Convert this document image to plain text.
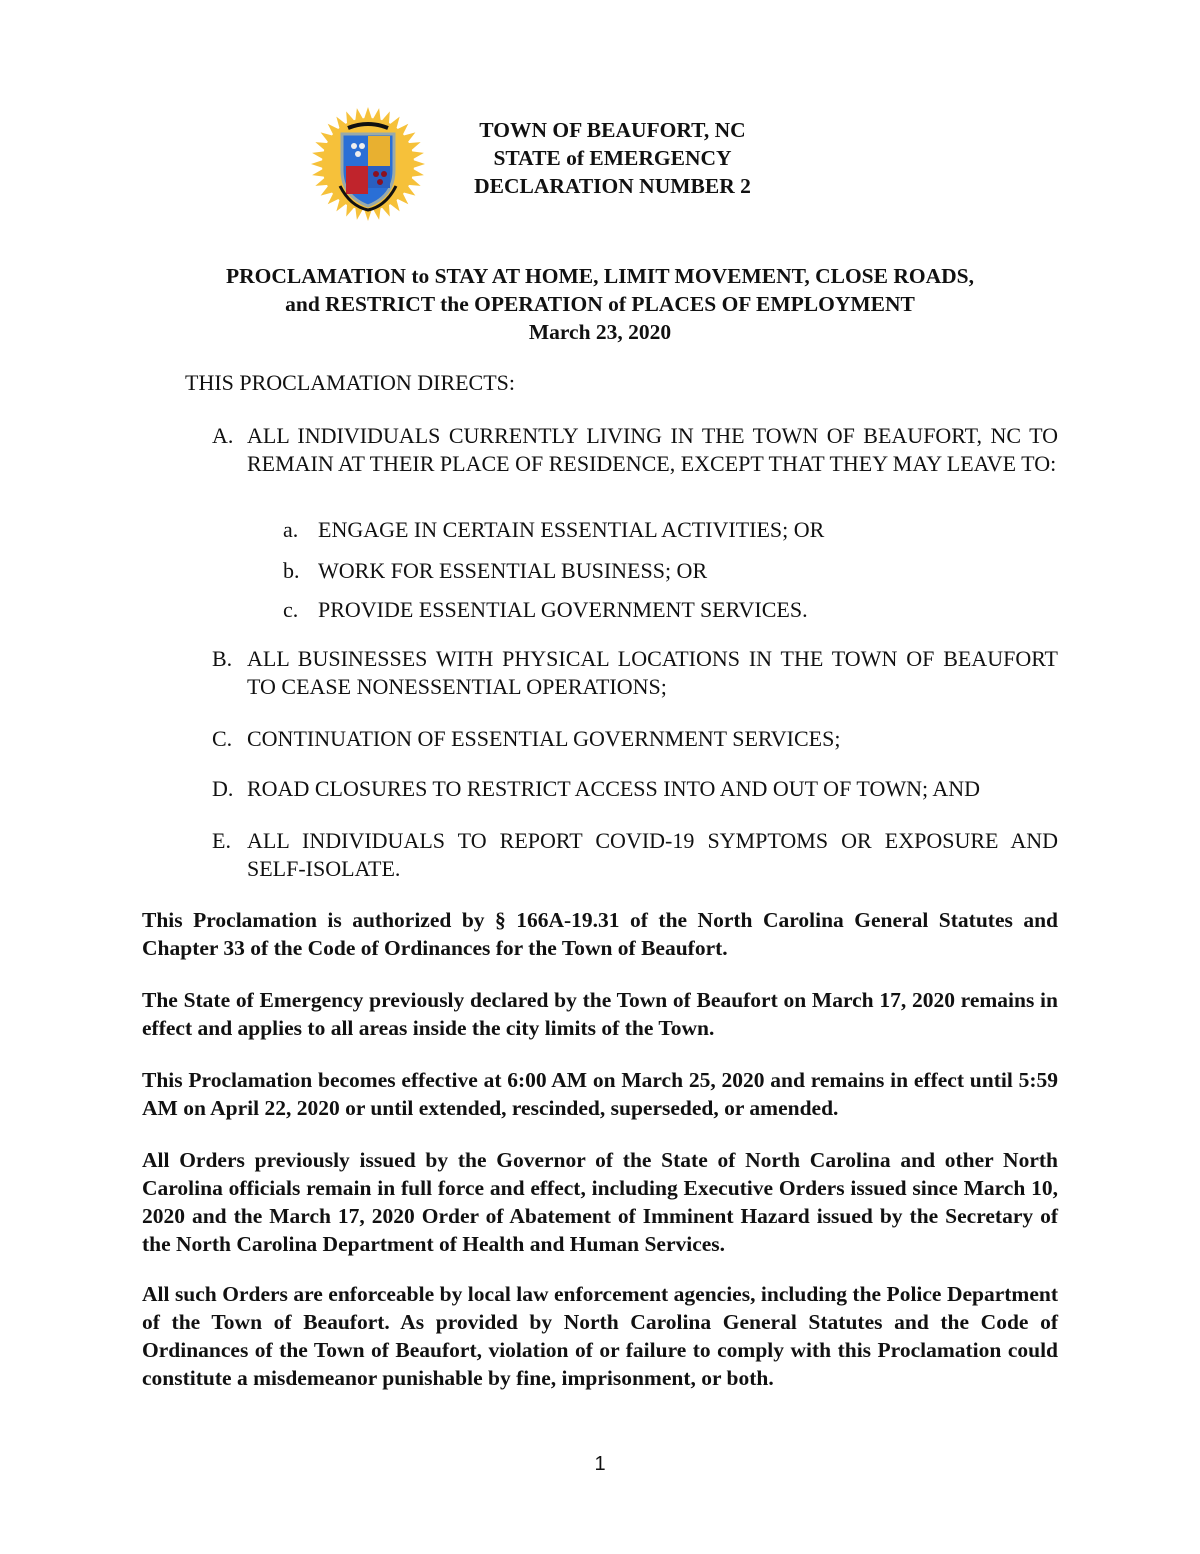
TOWN OF BEAUFORT, NC
STATE of EMERGENCY
DECLARATION NUMBER 2
PROCLAMATION to STAY AT HOME, LIMIT MOVEMENT, CLOSE ROADS,
and RESTRICT the OPERATION of PLACES OF EMPLOYMENT
March 23, 2020
THIS PROCLAMATION DIRECTS:
A. ALL INDIVIDUALS CURRENTLY LIVING IN THE TOWN OF BEAUFORT, NC TO REMAIN AT THEIR PLACE OF RESIDENCE, EXCEPT THAT THEY MAY LEAVE TO:
a. ENGAGE IN CERTAIN ESSENTIAL ACTIVITIES; OR
b. WORK FOR ESSENTIAL BUSINESS; OR
c. PROVIDE ESSENTIAL GOVERNMENT SERVICES.
B. ALL BUSINESSES WITH PHYSICAL LOCATIONS IN THE TOWN OF BEAUFORT TO CEASE NONESSENTIAL OPERATIONS;
C. CONTINUATION OF ESSENTIAL GOVERNMENT SERVICES;
D. ROAD CLOSURES TO RESTRICT ACCESS INTO AND OUT OF TOWN; AND
E. ALL INDIVIDUALS TO REPORT COVID-19 SYMPTOMS OR EXPOSURE AND SELF-ISOLATE.
This Proclamation is authorized by § 166A-19.31 of the North Carolina General Statutes and Chapter 33 of the Code of Ordinances for the Town of Beaufort.
The State of Emergency previously declared by the Town of Beaufort on March 17, 2020 remains in effect and applies to all areas inside the city limits of the Town.
This Proclamation becomes effective at 6:00 AM on March 25, 2020 and remains in effect until 5:59 AM on April 22, 2020 or until extended, rescinded, superseded, or amended.
All Orders previously issued by the Governor of the State of North Carolina and other North Carolina officials remain in full force and effect, including Executive Orders issued since March 10, 2020 and the March 17, 2020 Order of Abatement of Imminent Hazard issued by the Secretary of the North Carolina Department of Health and Human Services.
All such Orders are enforceable by local law enforcement agencies, including the Police Department of the Town of Beaufort. As provided by North Carolina General Statutes and the Code of Ordinances of the Town of Beaufort, violation of or failure to comply with this Proclamation could constitute a misdemeanor punishable by fine, imprisonment, or both.
1
